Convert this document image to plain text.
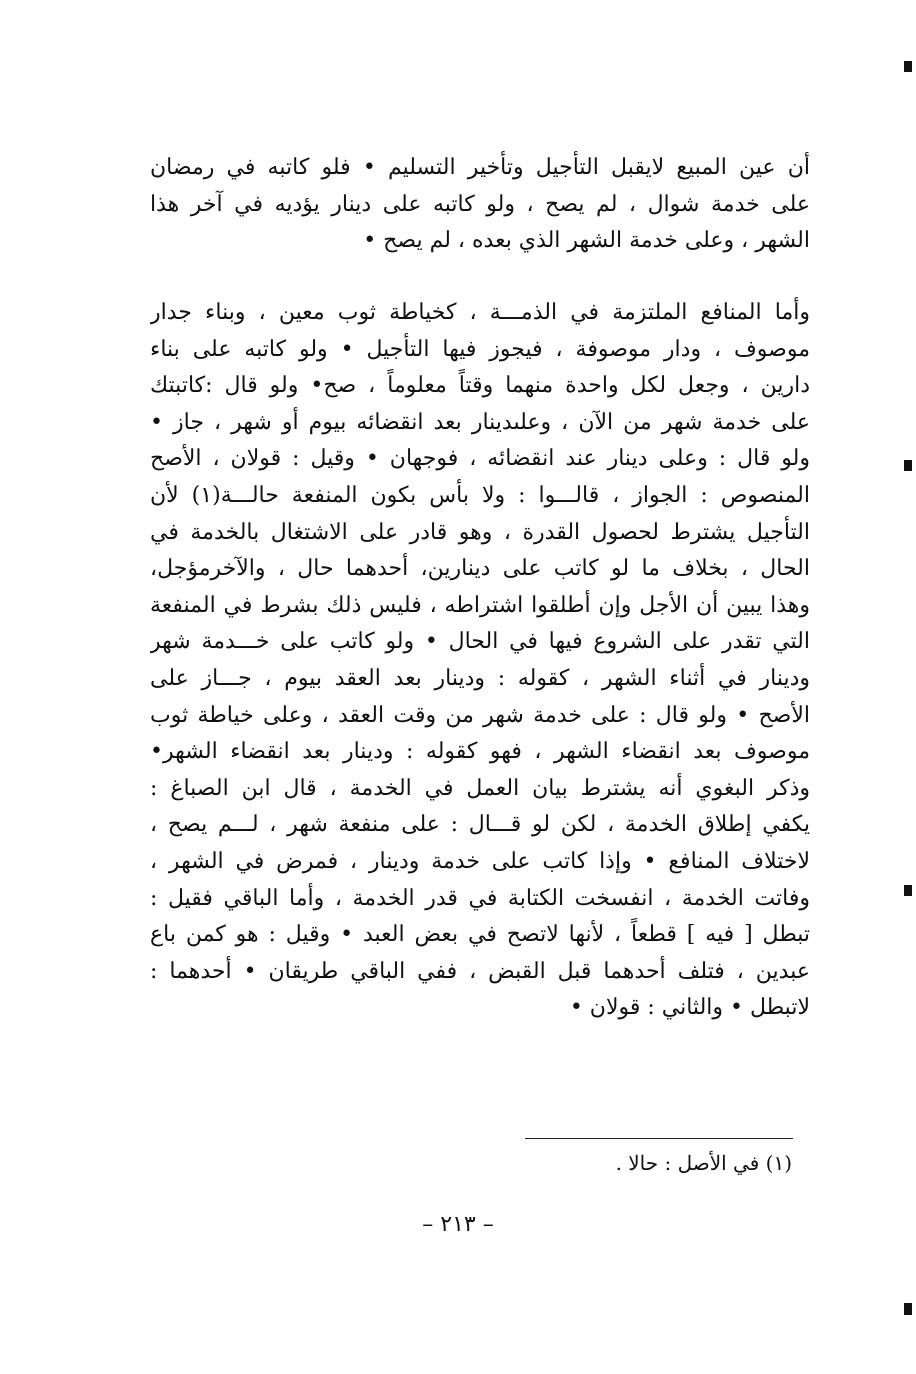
أن عين المبيع لايقبل التأجيل وتأخير التسليم • فلو كاتبه في رمضان
على خدمة شوال ، لم يصح ، ولو كاتبه على دينار يؤديه في آخر هذا
الشهر ، وعلى خدمة الشهر الذي بعده ، لم يصح •
وأما المنافع الملتزمة في الذمـــة ، كخياطة ثوب معين ، وبناء جدار
موصوف ، ودار موصوفة ، فيجوز فيها التأجيل • ولو كاتبه على بناء
دارين ، وجعل لكل واحدة منهما وقتاً معلوماً ، صح• ولو قال :كاتبتك
على خدمة شهر من الآن ، وعلىدينار بعد انقضائه بيوم أو شهر ، جاز •
ولو قال : وعلى دينار عند انقضائه ، فوجهان • وقيل : قولان ، الأصح
المنصوص : الجواز ، قالـــوا : ولا بأس بكون المنفعة حالـــة(١) لأن
التأجيل يشترط لحصول القدرة ، وهو قادر على الاشتغال بالخدمة في
الحال ، بخلاف ما لو كاتب على دينارين، أحدهما حال ، والآخرمؤجل،
وهذا يبين أن الأجل وإن أطلقوا اشتراطه ، فليس ذلك بشرط في المنفعة
التي تقدر على الشروع فيها في الحال • ولو كاتب على خـــدمة شهر
ودينار في أثناء الشهر ، كقوله : ودينار بعد العقد بيوم ، جـــاز على
الأصح • ولو قال : على خدمة شهر من وقت العقد ، وعلى خياطة ثوب
موصوف بعد انقضاء الشهر ، فهو كقوله : ودينار بعد انقضاء الشهر•
وذكر البغوي أنه يشترط بيان العمل في الخدمة ، قال ابن الصباغ :
يكفي إطلاق الخدمة ، لكن لو قـــال : على منفعة شهر ، لـــم يصح ،
لاختلاف المنافع • وإذا كاتب على خدمة ودينار ، فمرض في الشهر ،
وفاتت الخدمة ، انفسخت الكتابة في قدر الخدمة ، وأما الباقي فقيل :
تبطل [ فيه ] قطعاً ، لأنها لاتصح في بعض العبد • وقيل : هو كمن باع
عبدين ، فتلف أحدهما قبل القبض ، ففي الباقي طريقان • أحدهما :
لاتبطل • والثاني : قولان •
(١) في الأصل : حالا .
– ٢١٣ –
